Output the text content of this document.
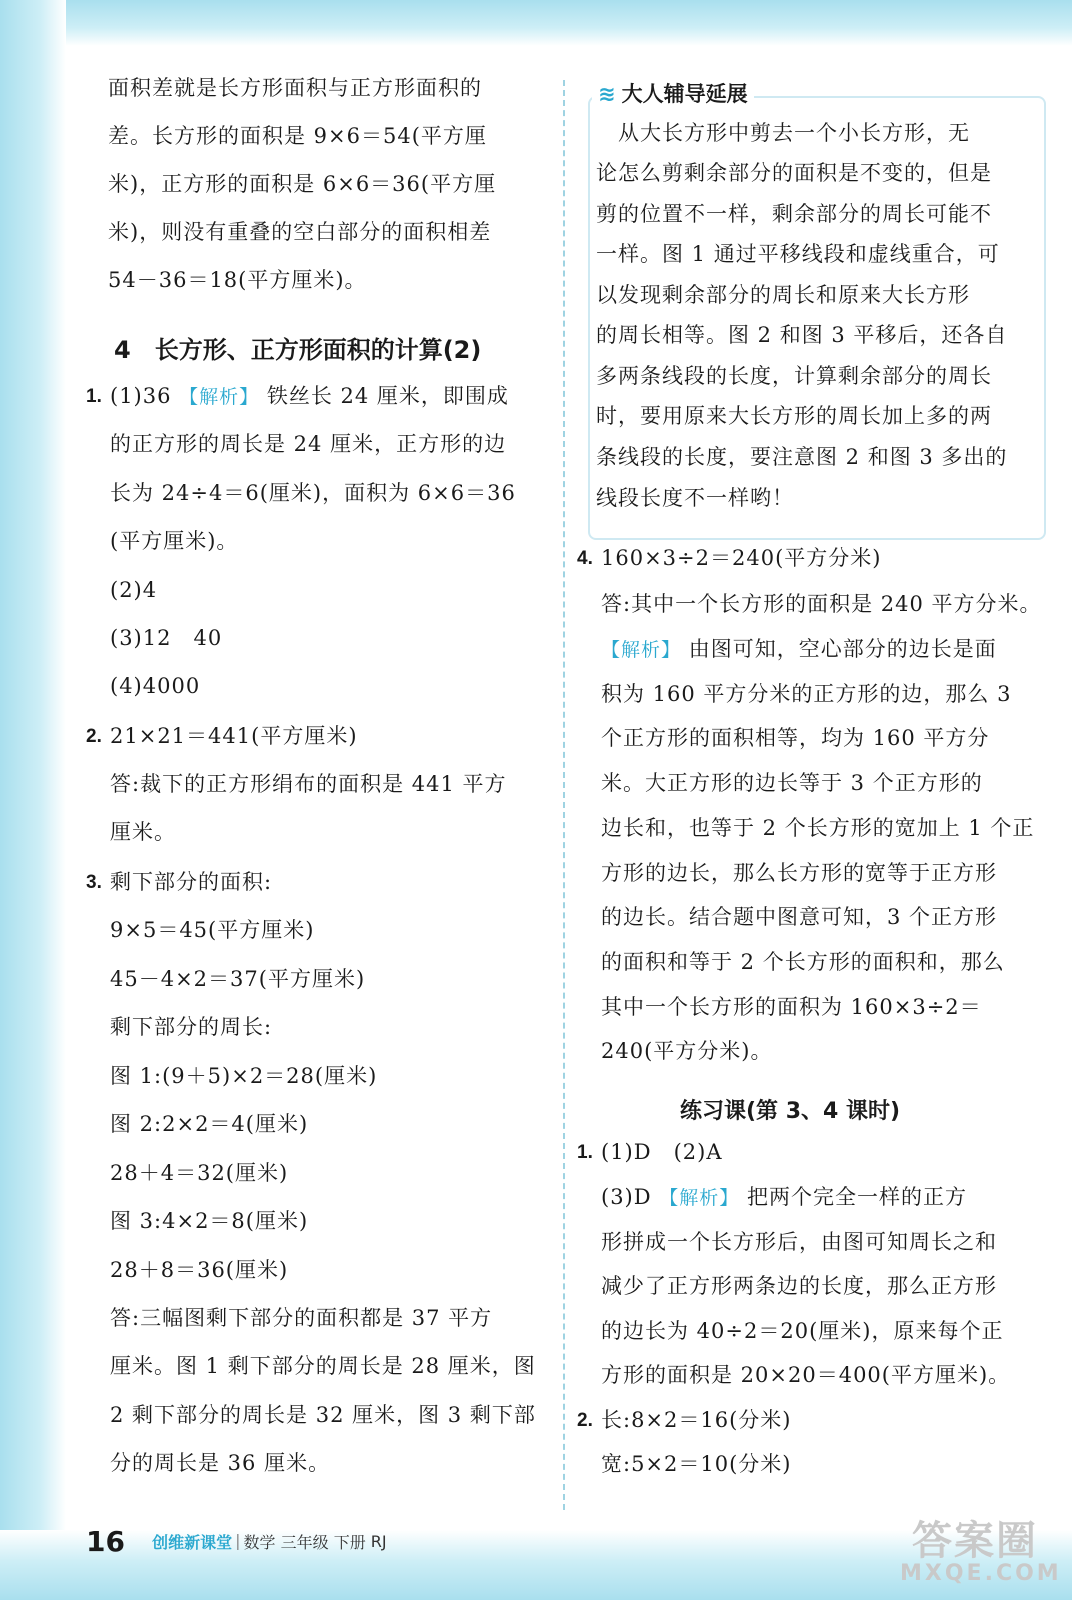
面积差就是长方形面积与正方形面积的
差。长方形的面积是 9×6＝54(平方厘
米)，正方形的面积是 6×6＝36(平方厘
米)，则没有重叠的空白部分的面积相差
54－36＝18(平方厘米)。
4　长方形、正方形面积的计算(2)
1. (1)36 【解析】 铁丝长 24 厘米，即围成
的正方形的周长是 24 厘米，正方形的边
长为 24÷4＝6(厘米)，面积为 6×6＝36
(平方厘米)。
(2)4
(3)12　40
(4)4000
2. 21×21＝441(平方厘米)
答:裁下的正方形绢布的面积是 441 平方
厘米。
3. 剩下部分的面积:
9×5＝45(平方厘米)
45－4×2＝37(平方厘米)
剩下部分的周长:
图 1:(9＋5)×2＝28(厘米)
图 2:2×2＝4(厘米)
28＋4＝32(厘米)
图 3:4×2＝8(厘米)
28＋8＝36(厘米)
答:三幅图剩下部分的面积都是 37 平方
厘米。图 1 剩下部分的周长是 28 厘米，图
2 剩下部分的周长是 32 厘米，图 3 剩下部
分的周长是 36 厘米。
≋ 大人辅导延展
　从大长方形中剪去一个小长方形，无
论怎么剪剩余部分的面积是不变的，但是
剪的位置不一样，剩余部分的周长可能不
一样。图 1 通过平移线段和虚线重合，可
以发现剩余部分的周长和原来大长方形
的周长相等。图 2 和图 3 平移后，还各自
多两条线段的长度，计算剩余部分的周长
时，要用原来大长方形的周长加上多的两
条线段的长度，要注意图 2 和图 3 多出的
线段长度不一样哟！
4. 160×3÷2＝240(平方分米)
答:其中一个长方形的面积是 240 平方分米。
【解析】 由图可知，空心部分的边长是面
积为 160 平方分米的正方形的边，那么 3
个正方形的面积相等，均为 160 平方分
米。大正方形的边长等于 3 个正方形的
边长和，也等于 2 个长方形的宽加上 1 个正
方形的边长，那么长方形的宽等于正方形
的边长。结合题中图意可知，3 个正方形
的面积和等于 2 个长方形的面积和，那么
其中一个长方形的面积为 160×3÷2＝
240(平方分米)。
练习课(第 3、4 课时)
1. (1)D　(2)A
(3)D 【解析】 把两个完全一样的正方
形拼成一个长方形后，由图可知周长之和
减少了正方形两条边的长度，那么正方形
的边长为 40÷2＝20(厘米)，原来每个正
方形的面积是 20×20＝400(平方厘米)。
2. 长:8×2＝16(分米)
宽:5×2＝10(分米)
16 创维新课堂 | 数学 三年级 下册 RJ	答案圈
MXQE.COM
